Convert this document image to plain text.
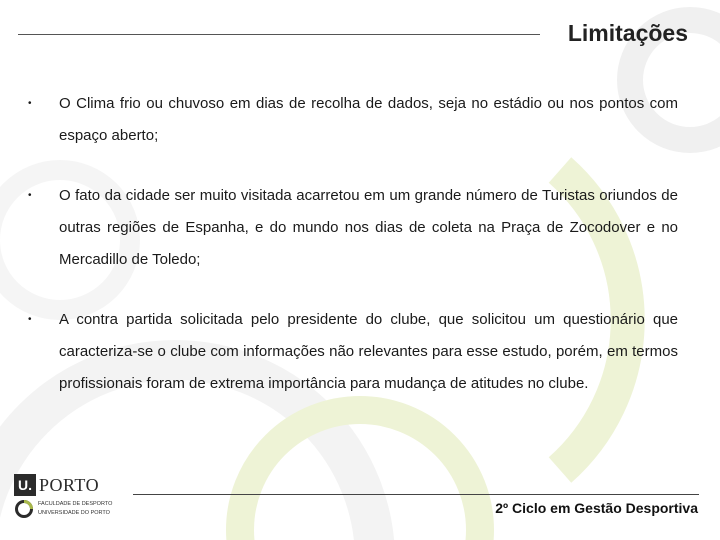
Limitações
• O Clima frio ou chuvoso em dias de recolha de dados, seja no estádio ou nos pontos com espaço aberto;
• O fato da cidade ser muito visitada acarretou em um grande número de Turistas oriundos de outras regiões de Espanha, e do mundo nos dias de coleta na Praça de Zocodover e no Mercadillo de Toledo;
• A contra partida solicitada pelo presidente do clube, que solicitou um questionário que caracteriza-se o clube com informações não relevantes para esse estudo, porém, em termos profissionais foram de extrema importância para mudança de atitudes no clube.
U. PORTO
FACULDADE DE DESPORTO
UNIVERSIDADE DO PORTO	2º Ciclo em Gestão Desportiva
